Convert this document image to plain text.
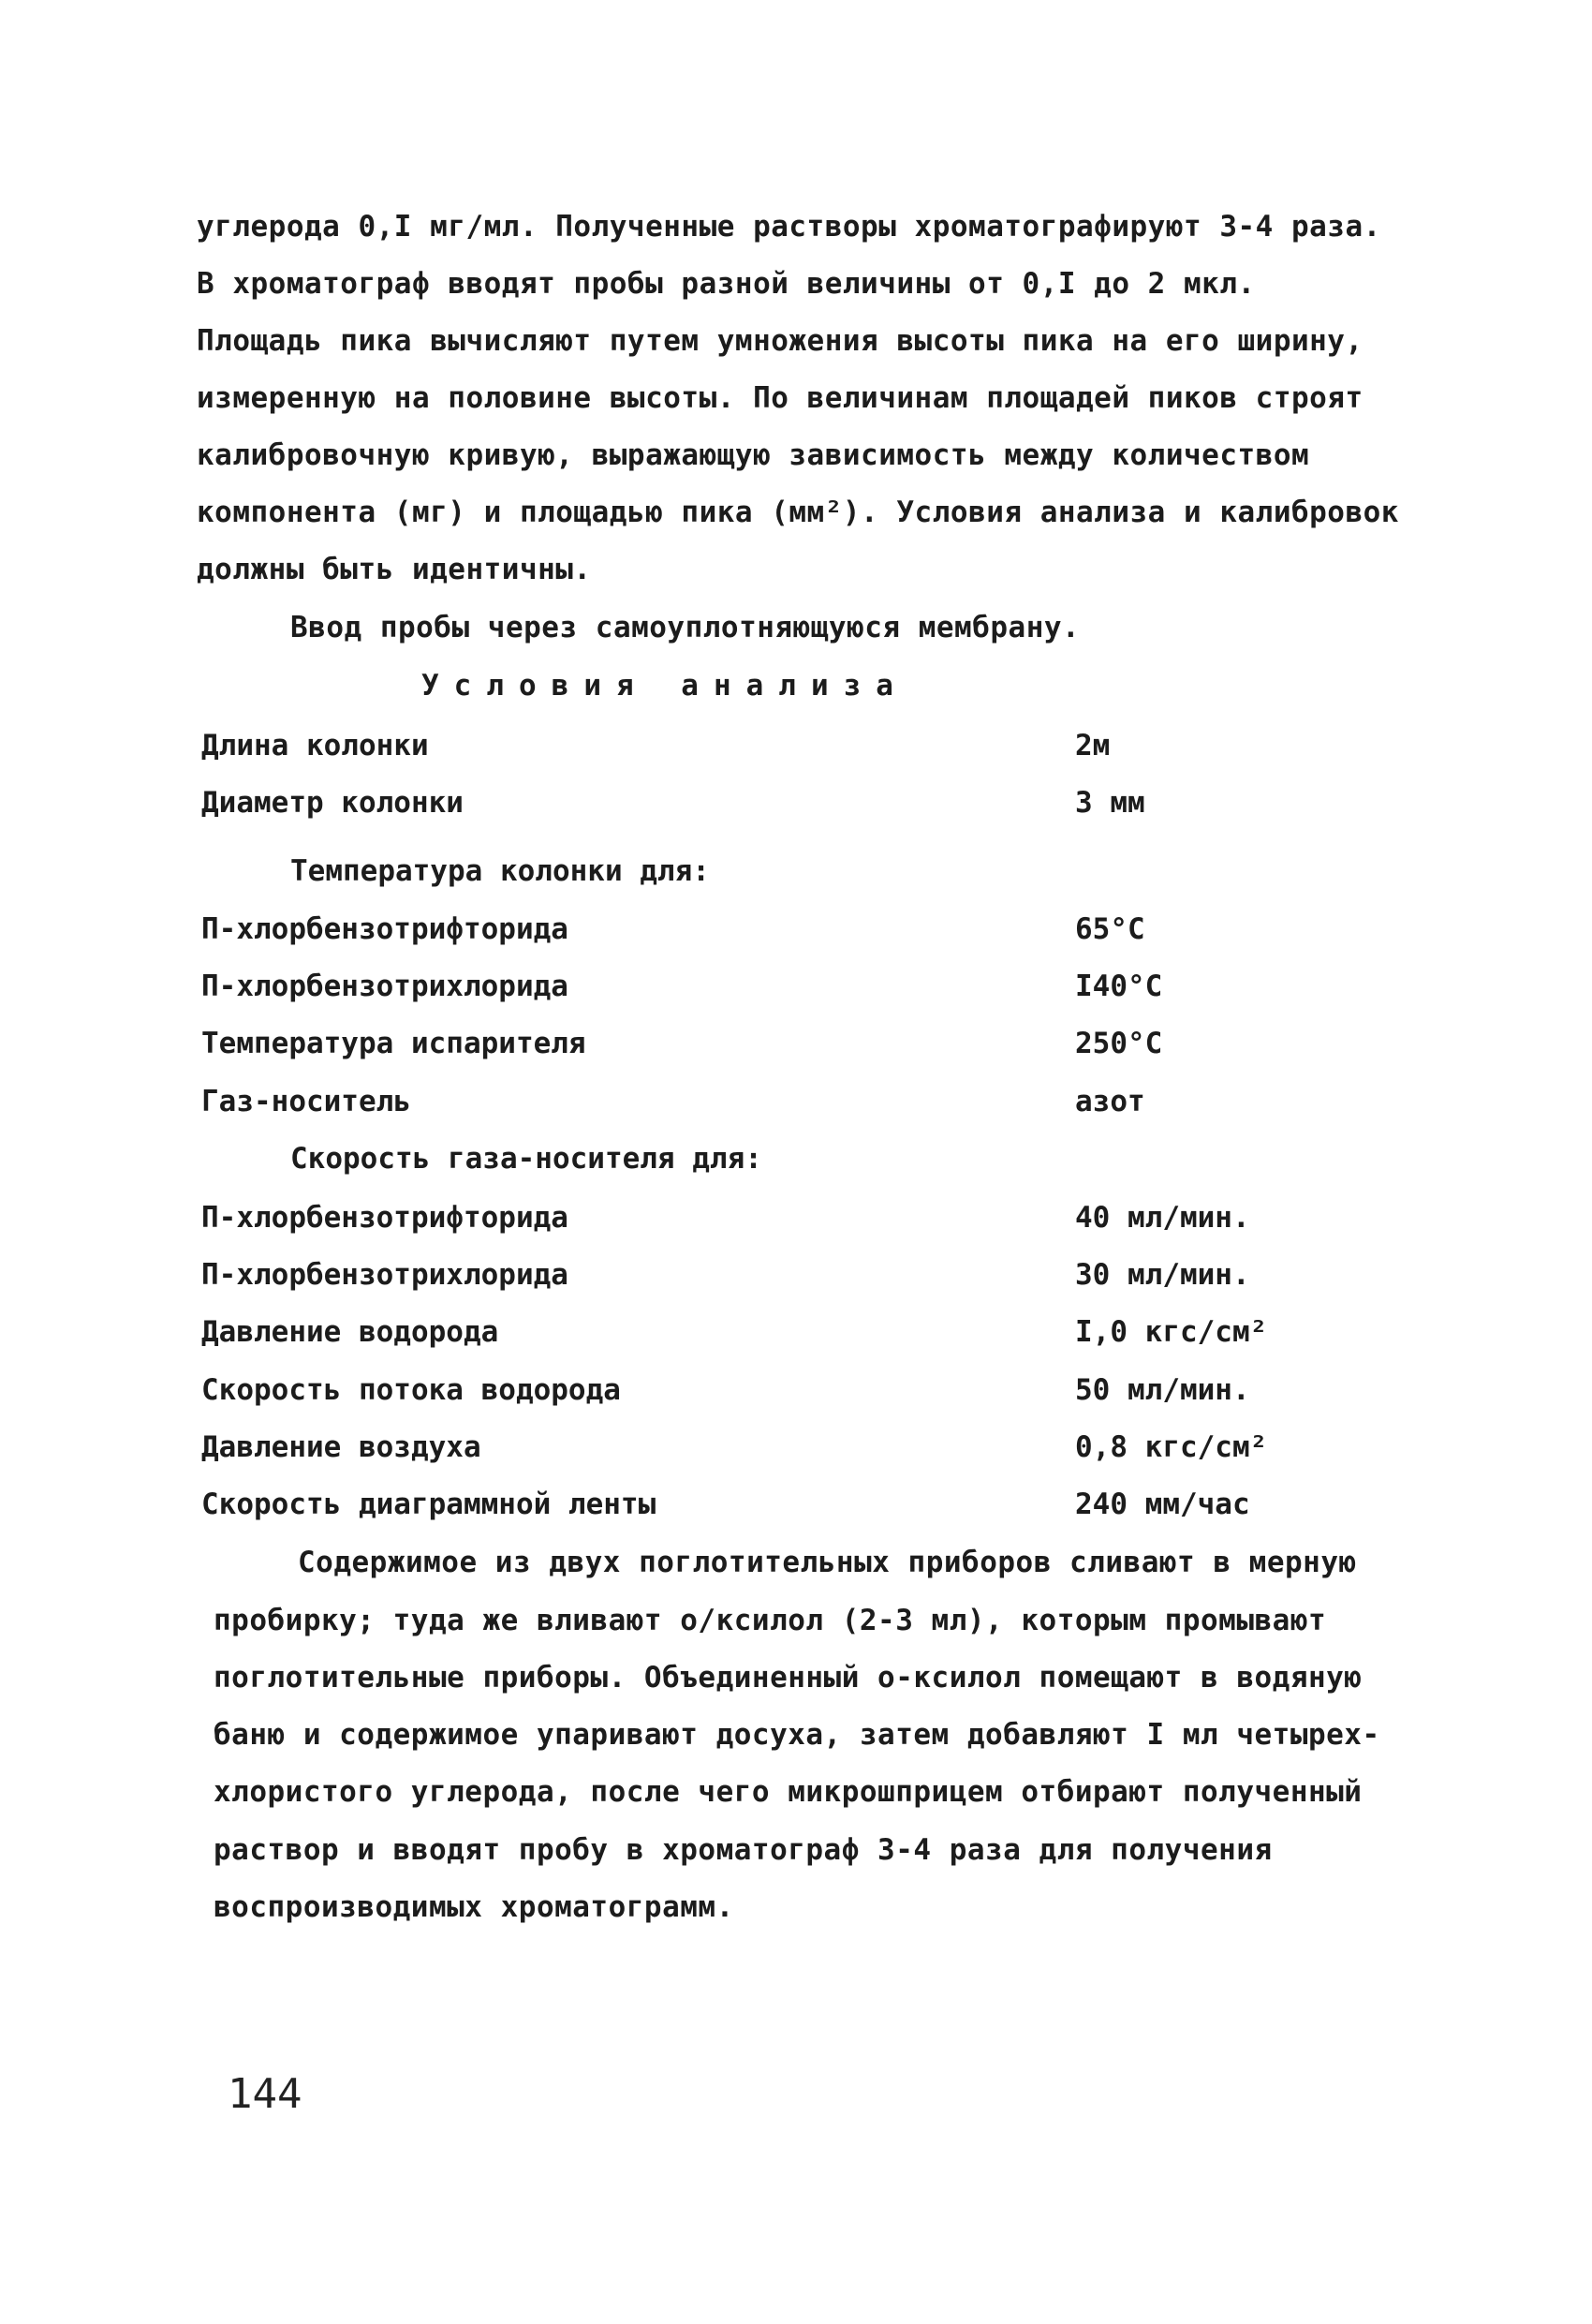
углерода 0,I мг/мл. Полученные растворы хроматографируют 3-4 раза.
В хроматограф вводят пробы разной величины от 0,I до 2 мкл.
Площадь пика вычисляют путем умножения высоты пика на его ширину,
измеренную на половине высоты. По величинам площадей пиков строят
калибровочную кривую, выражающую зависимость между количеством
компонента (мг) и площадью пика (мм²). Условия анализа и калибровок
должны быть идентичны.
Ввод пробы через самоуплотняющуюся мембрану.
Условия анализа
Длина колонки	2м
Диаметр колонки	3 мм
Температура колонки для:
П-хлорбензотрифторида	65°С
П-хлорбензотрихлорида	I40°С
Температура испарителя	250°С
Газ-носитель	азот
Скорость газа-носителя для:
П-хлорбензотрифторида	40 мл/мин.
П-хлорбензотрихлорида	30 мл/мин.
Давление водорода	I,0 кгс/см²
Скорость потока водорода	50 мл/мин.
Давление воздуха	0,8 кгс/см²
Скорость диаграммной ленты	240 мм/час
Содержимое из двух поглотительных приборов сливают в мерную
пробирку; туда же вливают о/ксилол (2-3 мл), которым промывают
поглотительные приборы. Объединенный о-ксилол помещают в водяную
баню и содержимое упаривают досуха, затем добавляют I мл четырех-
хлористого углерода, после чего микрошприцем отбирают полученный
раствор и вводят пробу в хроматограф 3-4 раза для получения
воспроизводимых хроматограмм.
144
